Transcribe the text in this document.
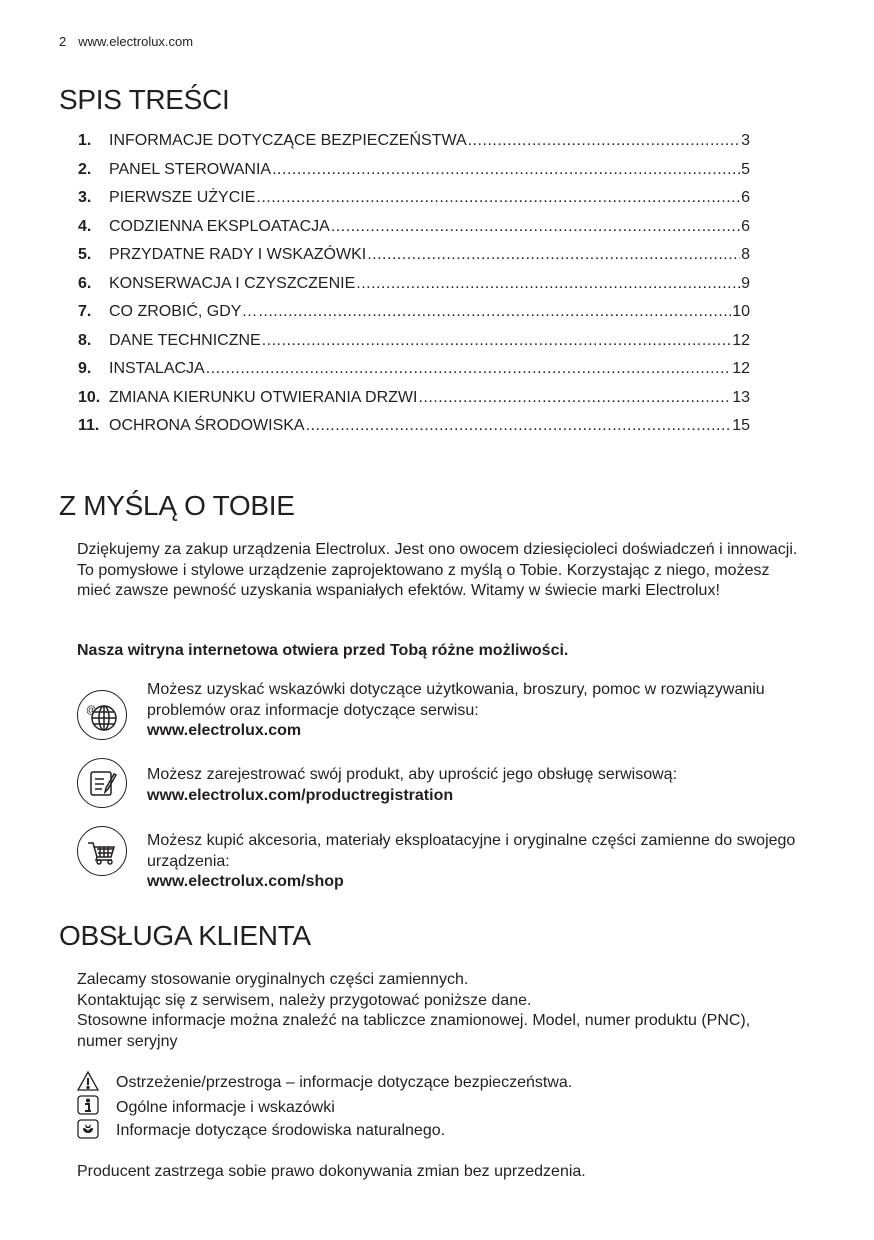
2 www.electrolux.com
SPIS TREŚCI
1.	INFORMACJE DOTYCZĄCE BEZPIECZEŃSTWA .....	3
2.	PANEL STEROWANIA .....	5
3.	PIERWSZE UŻYCIE .....	6
4.	CODZIENNA EKSPLOATACJA .....	6
5.	PRZYDATNE RADY I WSKAZÓWKI .....	8
6.	KONSERWACJA I CZYSZCZENIE .....	9
7.	CO ZROBIĆ, GDY… .....	10
8.	DANE TECHNICZNE .....	12
9.	INSTALACJA .....	12
10. ZMIANA KIERUNKU OTWIERANIA DRZWI .....	13
11. OCHRONA ŚRODOWISKA .....	15
Z MYŚLĄ O TOBIE

Dziękujemy za zakup urządzenia Electrolux. Jest ono owocem dziesięcioleci doświadczeń i innowacji. To pomysłowe i stylowe urządzenie zaprojektowano z myślą o Tobie. Korzystając z niego, możesz mieć zawsze pewność uzyskania wspaniałych efektów. Witamy w świecie marki Electrolux!

Nasza witryna internetowa otwiera przed Tobą różne możliwości.

@

Możesz uzyskać wskazówki dotyczące użytkowania, broszury, pomoc w rozwiązywaniu problemów oraz informacje dotyczące serwisu:
www.electrolux.com

Możesz zarejestrować swój produkt, aby uprościć jego obsługę serwisową:
www.electrolux.com/productregistration

Możesz kupić akcesoria, materiały eksploatacyjne i oryginalne części zamienne do swojego urządzenia:
www.electrolux.com/shop

OBSŁUGA KLIENTA

Zalecamy stosowanie oryginalnych części zamiennych.
Kontaktując się z serwisem, należy przygotować poniższe dane.
Stosowne informacje można znaleźć na tabliczce znamionowej. Model, numer produktu (PNC), numer seryjny

Ostrzeżenie/przestroga – informacje dotyczące bezpieczeństwa.

Ogólne informacje i wskazówki

Informacje dotyczące środowiska naturalnego.

Producent zastrzega sobie prawo dokonywania zmian bez uprzedzenia.
